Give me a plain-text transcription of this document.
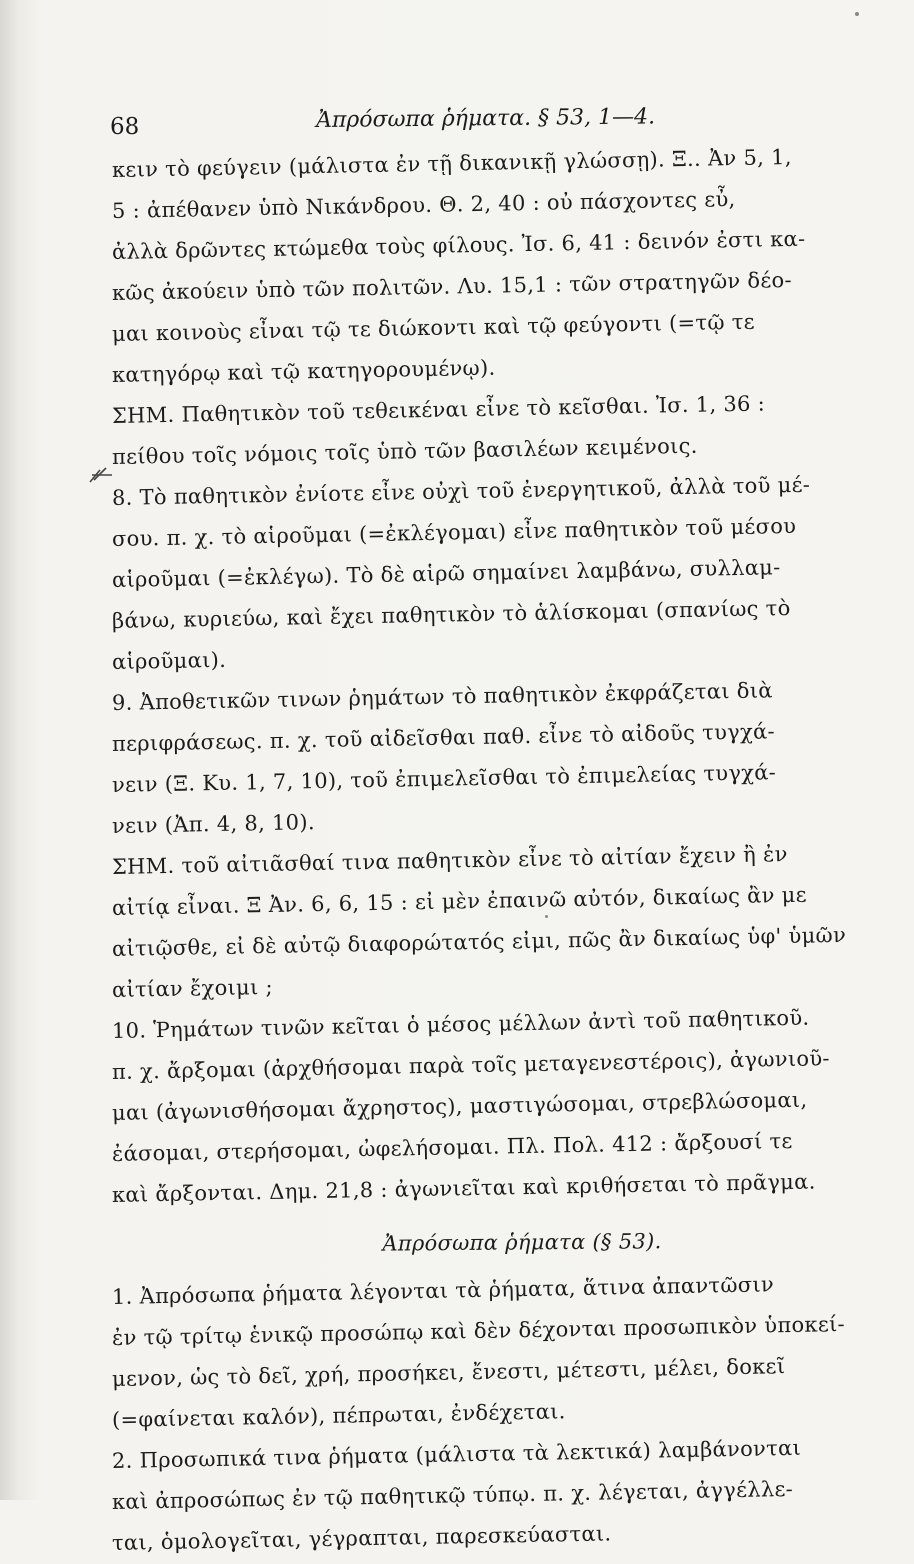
68	Ἀπρόσωπα ῥήματα. § 53, 1—4.
κειν τὸ φεύγειν (μάλιστα ἐν τῇ δικανικῇ γλώσσῃ). Ξ.. Ἀν 5, 1,
5 : ἀπέθανεν ὑπὸ Νικάνδρου. Θ. 2, 40 : οὐ πάσχοντες εὖ,
ἀλλὰ δρῶντες κτώμεθα τοὺς φίλους. Ἰσ. 6, 41 : δεινόν ἐστι κα-
κῶς ἀκούειν ὑπὸ τῶν πολιτῶν. Λυ. 15,1 : τῶν στρατηγῶν δέο-
μαι κοινοὺς εἶναι τῷ τε διώκοντι καὶ τῷ φεύγοντι (=τῷ τε
κατηγόρῳ καὶ τῷ κατηγορουμένῳ).
ΣΗΜ. Παθητικὸν τοῦ τεθεικέναι εἶνε τὸ κεῖσθαι. Ἰσ. 1, 36 :
πείθου τοῖς νόμοις τοῖς ὑπὸ τῶν βασιλέων κειμένοις.
8. Τὸ παθητικὸν ἐνίοτε εἶνε οὐχὶ τοῦ ἐνεργητικοῦ, ἀλλὰ τοῦ μέ-
σου. π. χ. τὸ αἱροῦμαι (=ἐκλέγομαι) εἶνε παθητικὸν τοῦ μέσου
αἱροῦμαι (=ἐκλέγω). Τὸ δὲ αἱρῶ σημαίνει λαμβάνω, συλλαμ-
βάνω, κυριεύω, καὶ ἔχει παθητικὸν τὸ ἁλίσκομαι (σπανίως τὸ
αἱροῦμαι).
9. Ἀποθετικῶν τινων ῥημάτων τὸ παθητικὸν ἐκφράζεται διὰ
περιφράσεως. π. χ. τοῦ αἰδεῖσθαι παθ. εἶνε τὸ αἰδοῦς τυγχά-
νειν (Ξ. Κυ. 1, 7, 10), τοῦ ἐπιμελεῖσθαι τὸ ἐπιμελείας τυγχά-
νειν (Ἀπ. 4, 8, 10).
ΣΗΜ. τοῦ αἰτιᾶσθαί τινα παθητικὸν εἶνε τὸ αἰτίαν ἔχειν ἢ ἐν
αἰτίᾳ εἶναι. Ξ Ἀν. 6, 6, 15 : εἰ μὲν ἐπαινῶ αὐτόν, δικαίως ἂν με
αἰτιῷσθε, εἰ δὲ αὐτῷ διαφορώτατός εἰμι, πῶς ἂν δικαίως ὑφ' ὑμῶν
αἰτίαν ἔχοιμι ;
10. Ῥημάτων τινῶν κεῖται ὁ μέσος μέλλων ἀντὶ τοῦ παθητικοῦ.
π. χ. ἄρξομαι (ἀρχθήσομαι παρὰ τοῖς μεταγενεστέροις), ἀγωνιοῦ-
μαι (ἀγωνισθήσομαι ἄχρηστος), μαστιγώσομαι, στρεβλώσομαι,
ἐάσομαι, στερήσομαι, ὠφελήσομαι. Πλ. Πολ. 412 : ἄρξουσί τε
καὶ ἄρξονται. Δημ. 21,8 : ἀγωνιεῖται καὶ κριθήσεται τὸ πρᾶγμα.
Ἀπρόσωπα ῥήματα (§ 53).
1. Ἀπρόσωπα ῥήματα λέγονται τὰ ῥήματα, ἅτινα ἀπαντῶσιν
ἐν τῷ τρίτῳ ἑνικῷ προσώπῳ καὶ δὲν δέχονται προσωπικὸν ὑποκεί-
μενον, ὡς τὸ δεῖ, χρή, προσήκει, ἔνεστι, μέτεστι, μέλει, δοκεῖ
(=φαίνεται καλόν), πέπρωται, ἐνδέχεται.
2. Προσωπικά τινα ῥήματα (μάλιστα τὰ λεκτικά) λαμβάνονται
καὶ ἀπροσώπως ἐν τῷ παθητικῷ τύπῳ. π. χ. λέγεται, ἀγγέλλε-
ται, ὁμολογεῖται, γέγραπται, παρεσκεύασται.
